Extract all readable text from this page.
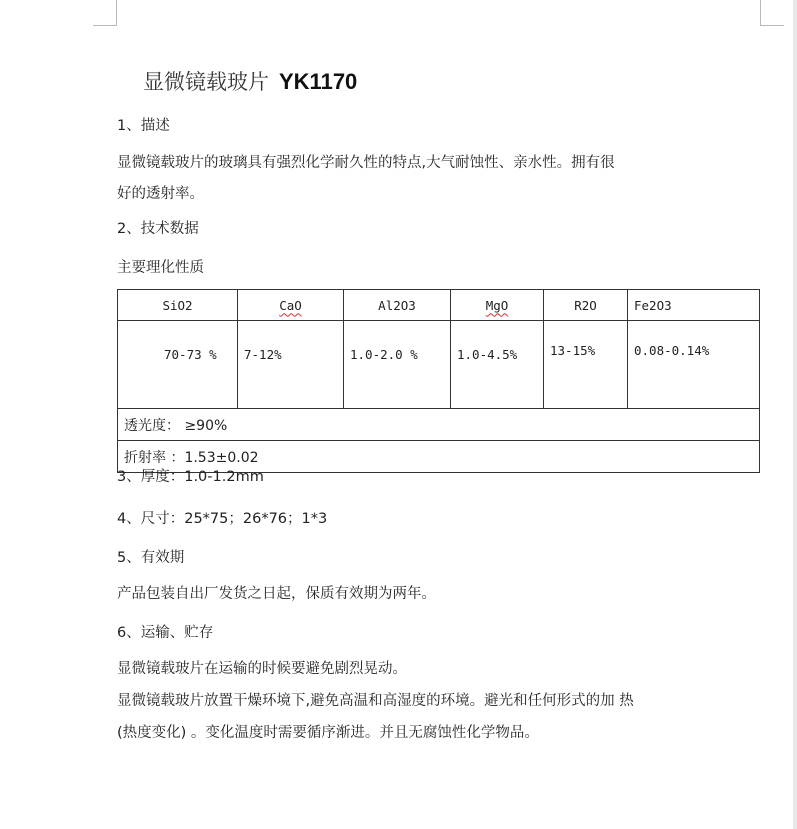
显微镜载玻片 YK1170
1、描述
显微镜载玻片的玻璃具有强烈化学耐久性的特点,大气耐蚀性、亲水性。拥有很
好的透射率。
2、技术数据
主要理化性质
SiO2	CaO	Al2O3	MgO	R2O	Fe2O3
70-73 %	7-12%	1.0-2.0 %	1.0-4.5%	13-15%	0.08-0.14%
透光度： ≥90%					
折射率 ：1.53±0.02					
3、厚度：1.0-1.2mm
4、尺寸：25*75；26*76；1*3
5、有效期
产品包装自出厂发货之日起，保质有效期为两年。
6、运输、贮存
显微镜载玻片在运输的时候要避免剧烈晃动。
显微镜载玻片放置干燥环境下,避免高温和高湿度的环境。避光和任何形式的加 热
(热度变化) 。变化温度时需要循序渐进。并且无腐蚀性化学物品。
